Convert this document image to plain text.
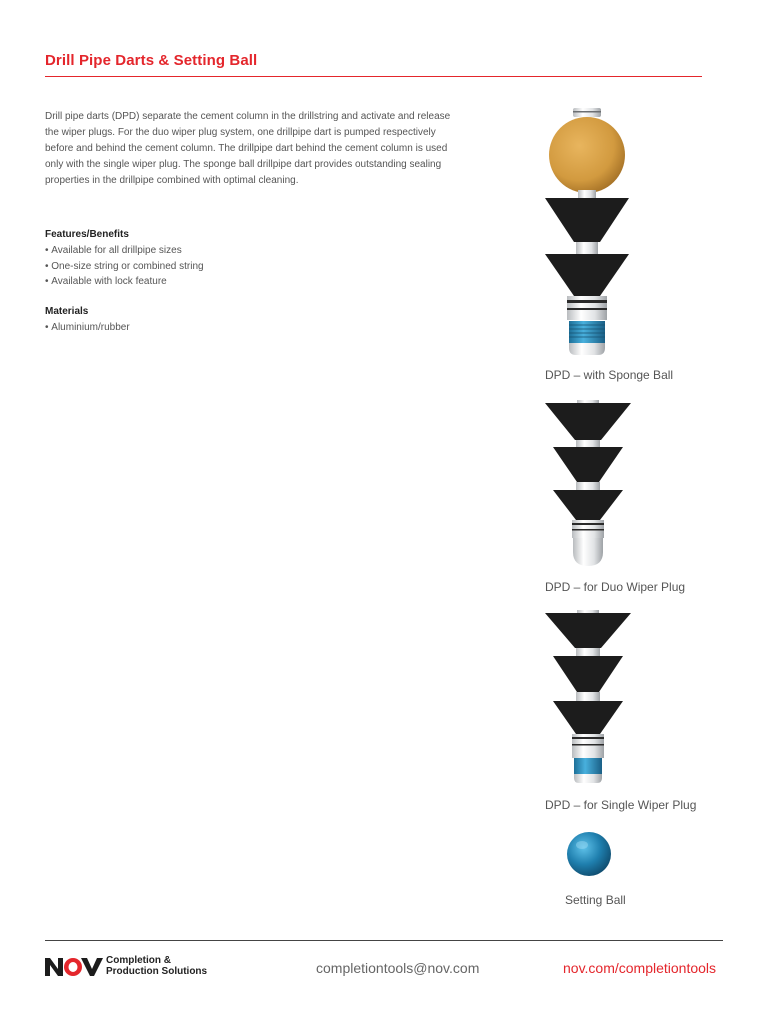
Drill Pipe Darts & Setting Ball

Drill pipe darts (DPD) separate the cement column in the drillstring and activate and release the wiper plugs. For the duo wiper plug system, one drillpipe dart is pumped respectively before and behind the cement column. The drillpipe dart behind the cement column is used only with the single wiper plug. The sponge ball drillpipe dart provides outstanding sealing properties in the drillpipe combined with optimal cleaning.

Features/Benefits
• Available for all drillpipe sizes
• One-size string or combined string
• Available with lock feature
Materials
• Aluminium/rubber
DPD – with Sponge Ball
DPD – for Duo Wiper Plug
DPD – for Single Wiper Plug
Setting Ball

Completion &
Production Solutions	completiontools@nov.com	nov.com/completiontools
